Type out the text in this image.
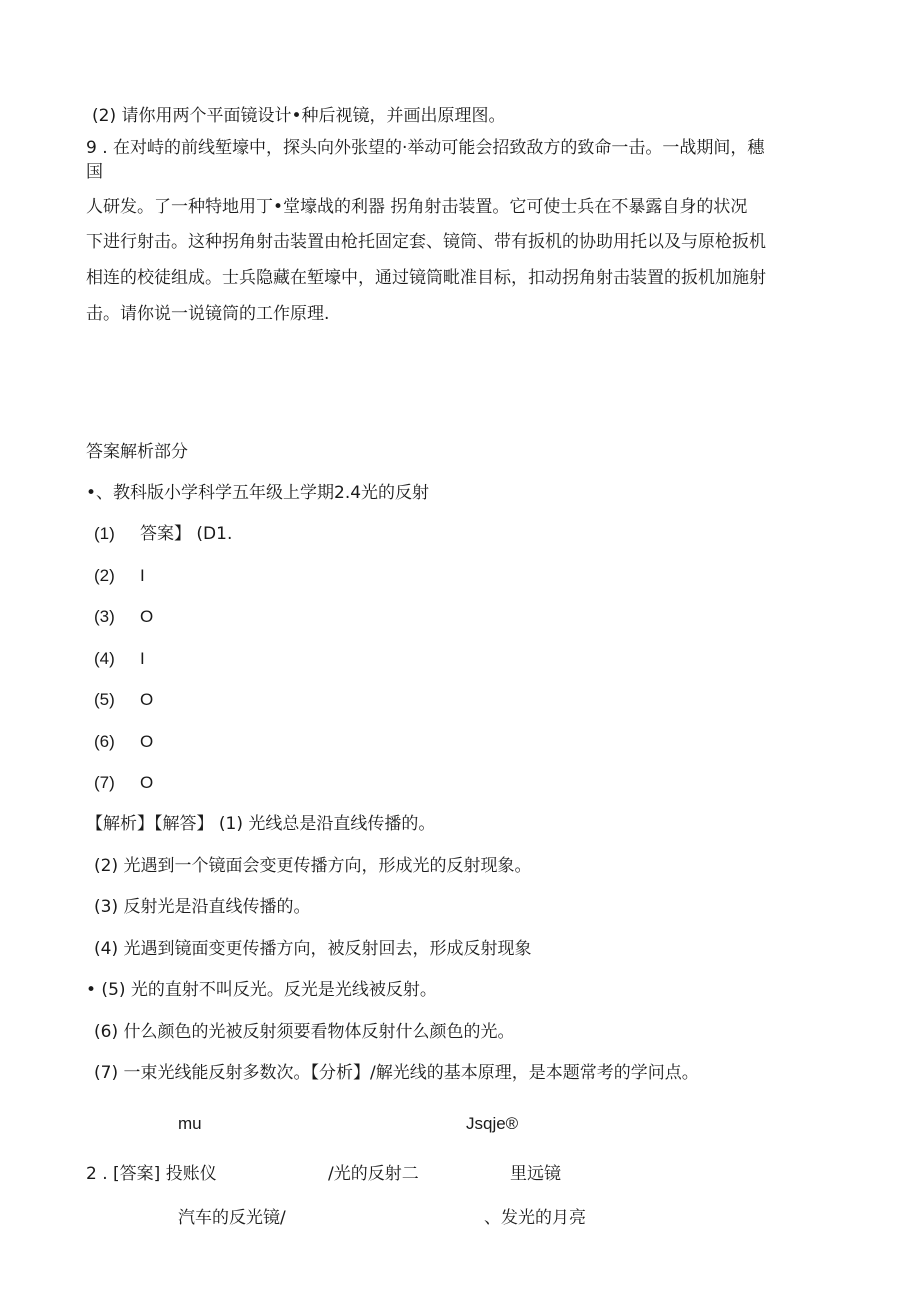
(2) 请你用两个平面镜设计•种后视镜，并画出原理图。
9 . 在对峙的前线堑壕中，探头向外张望的·举动可能会招致敌方的致命一击。一战期间，穗
国
人研发。了一种特地用丁•堂壕战的利器 拐角射击装置。它可使士兵在不暴露自身的状况
下进行射击。这种拐角射击装置由枪托固定套、镜筒、带有扳机的协助用托以及与原枪扳机
相连的校徒组成。士兵隐藏在堑壕中，通过镜筒毗准目标，扣动拐角射击装置的扳机加施射
击。请你说一说镜筒的工作原理.
答案解析部分
•、教科版小学科学五年级上学期2.4光的反射
(1) 答案】 (D1.
(2) I
(3) O
(4) I
(5) O
(6) O
(7) O
【解析】【解答】 (1) 光线总是沿直线传播的。
(2) 光遇到一个镜面会变更传播方向，形成光的反射现象。
(3) 反射光是沿直线传播的。
(4) 光遇到镜面变更传播方向，被反射回去，形成反射现象
• (5) 光的直射不叫反光。反光是光线被反射。
(6) 什么颜色的光被反射须要看物体反射什么颜色的光。
(7) 一束光线能反射多数次。【分析】/解光线的基本原理，是本题常考的学问点。
mu	Jsqje®
2 . [答案] 投账仪	/光的反射二	里远镜
汽车的反光镜/	、发光的月亮
